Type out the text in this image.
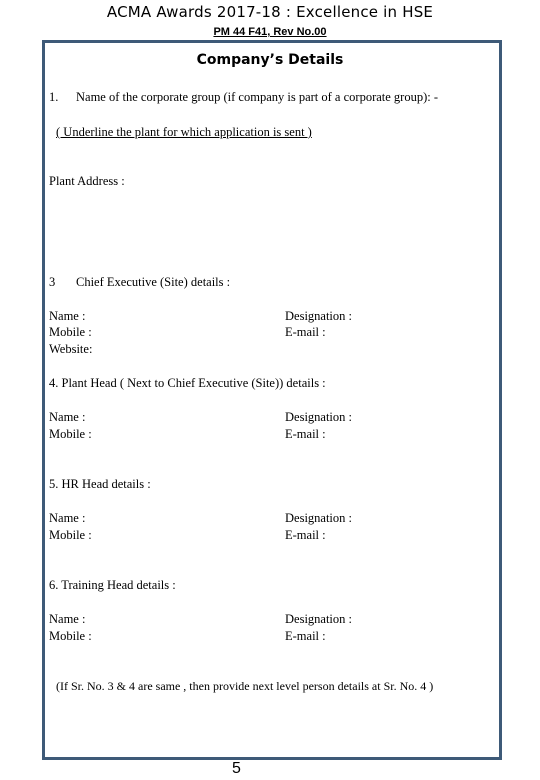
ACMA Awards 2017-18 : Excellence in HSE
PM 44 F41, Rev No.00
Company’s Details
1. Name of the corporate group (if company is part of a corporate group): -
( Underline the plant for which application is sent )
Plant Address :
3 Chief Executive (Site) details :
Name :	Designation :
Mobile :	E-mail :
Website:
4. Plant Head ( Next to Chief Executive (Site)) details :
Name :	Designation :
Mobile :	E-mail :
5. HR Head details :
Name :	Designation :
Mobile :	E-mail :
6. Training Head details :
Name :	Designation :
Mobile :	E-mail :
(If Sr. No. 3 & 4 are same , then provide next level person details at Sr. No. 4 )
5
